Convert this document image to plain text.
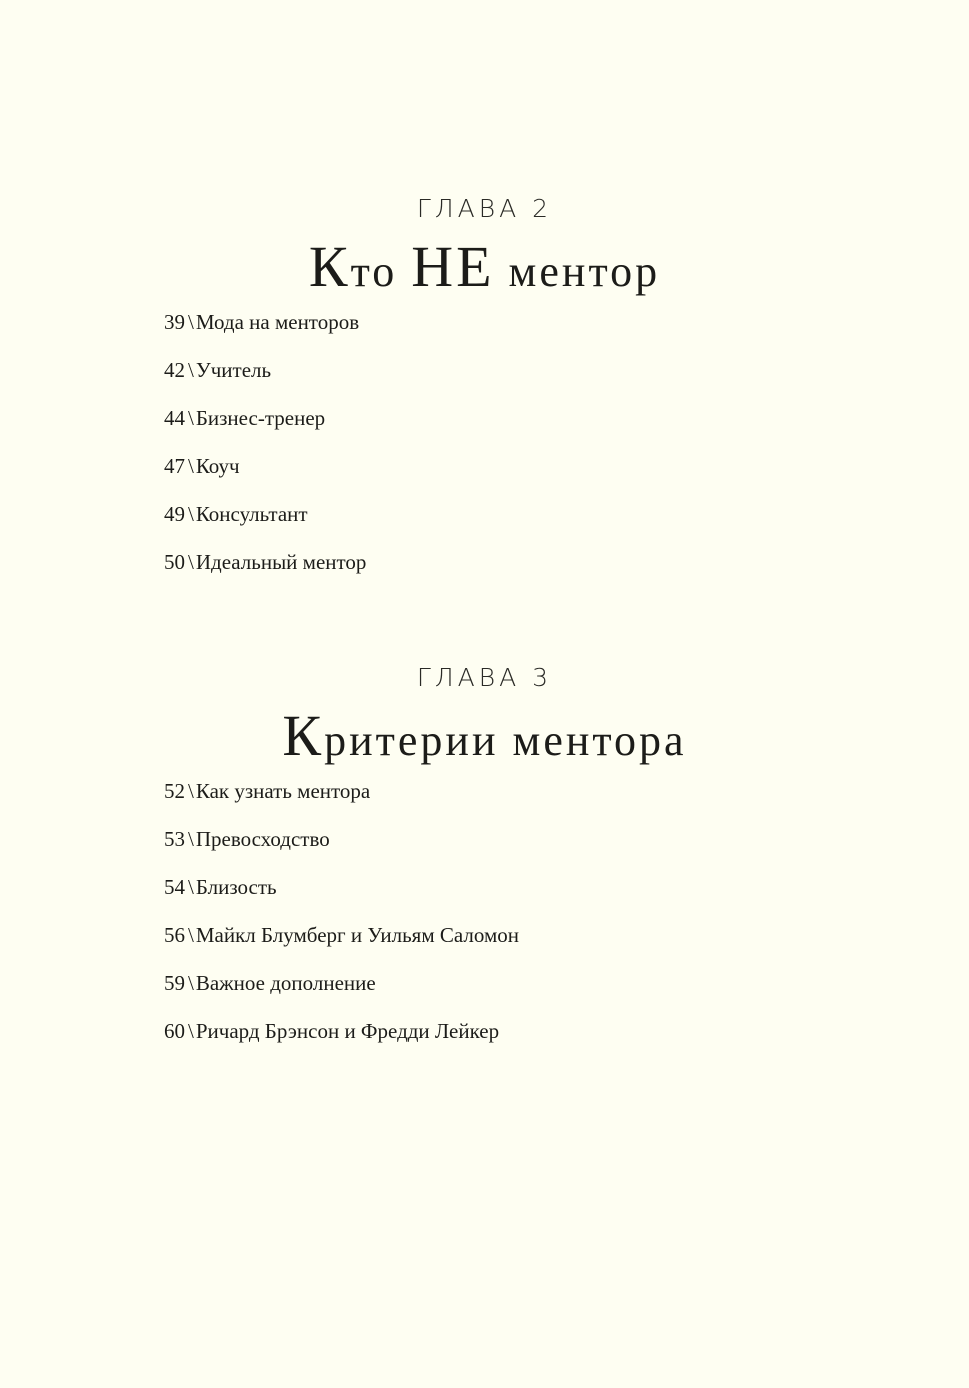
ГЛАВА 2
Кто НЕ ментор
39 \Мода на менторов
42 \Учитель
44 \Бизнес-тренер
47 \Коуч
49 \Консультант
50 \Идеальный ментор
ГЛАВА 3
Критерии ментора
52 \Как узнать ментора
53 \Превосходство
54 \Близость
56 \Майкл Блумберг и Уильям Саломон
59 \Важное дополнение
60 \Ричард Брэнсон и Фредди Лейкер
